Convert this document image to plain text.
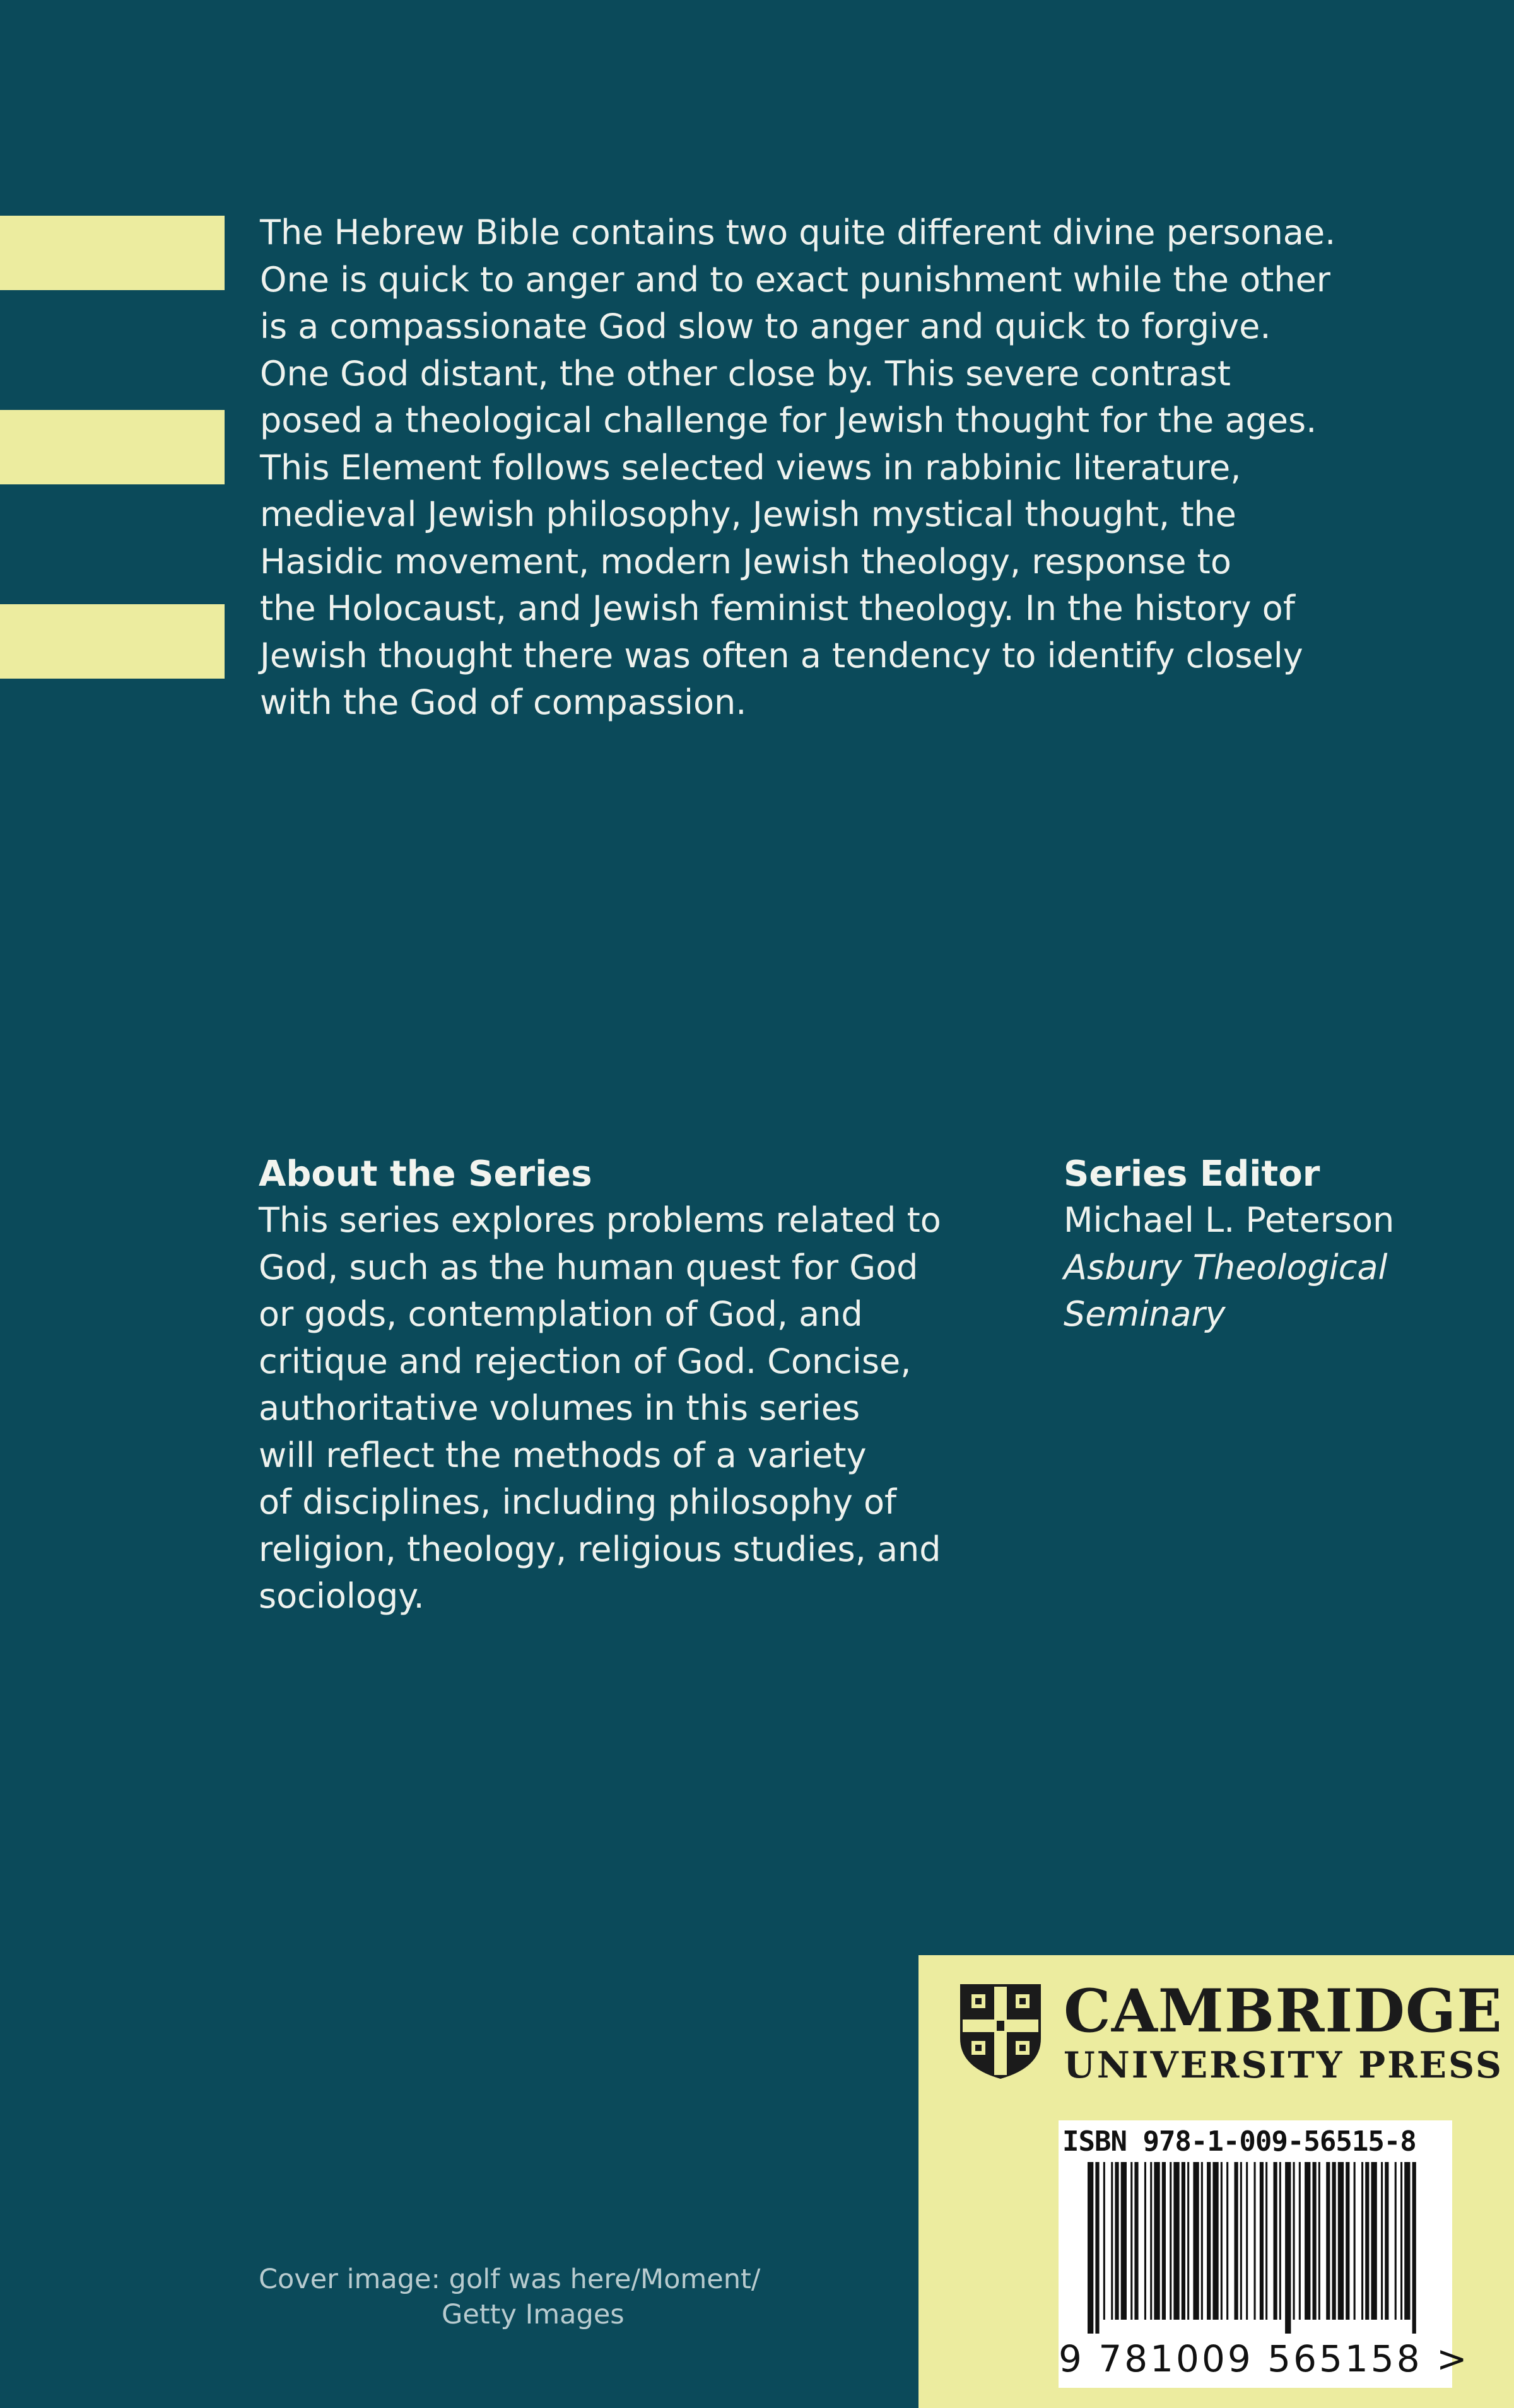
The Hebrew Bible contains two quite different divine personae.
One is quick to anger and to exact punishment while the other
is a compassionate God slow to anger and quick to forgive.
One God distant, the other close by. This severe contrast
posed a theological challenge for Jewish thought for the ages.
This Element follows selected views in rabbinic literature,
medieval Jewish philosophy, Jewish mystical thought, the
Hasidic movement, modern Jewish theology, response to
the Holocaust, and Jewish feminist theology. In the history of
Jewish thought there was often a tendency to identify closely
with the God of compassion.
About the Series
This series explores problems related to
God, such as the human quest for God
or gods, contemplation of God, and
critique and rejection of God. Concise,
authoritative volumes in this series
will reflect the methods of a variety
of disciplines, including philosophy of
religion, theology, religious studies, and
sociology.
Series Editor
Michael L. Peterson
Asbury Theological
Seminary
Cover image: golf was here/Moment/
Getty Images
CAMBRIDGE
UNIVERSITY PRESS
ISBN 978-1-009-56515-8
9 781009 565158 >
